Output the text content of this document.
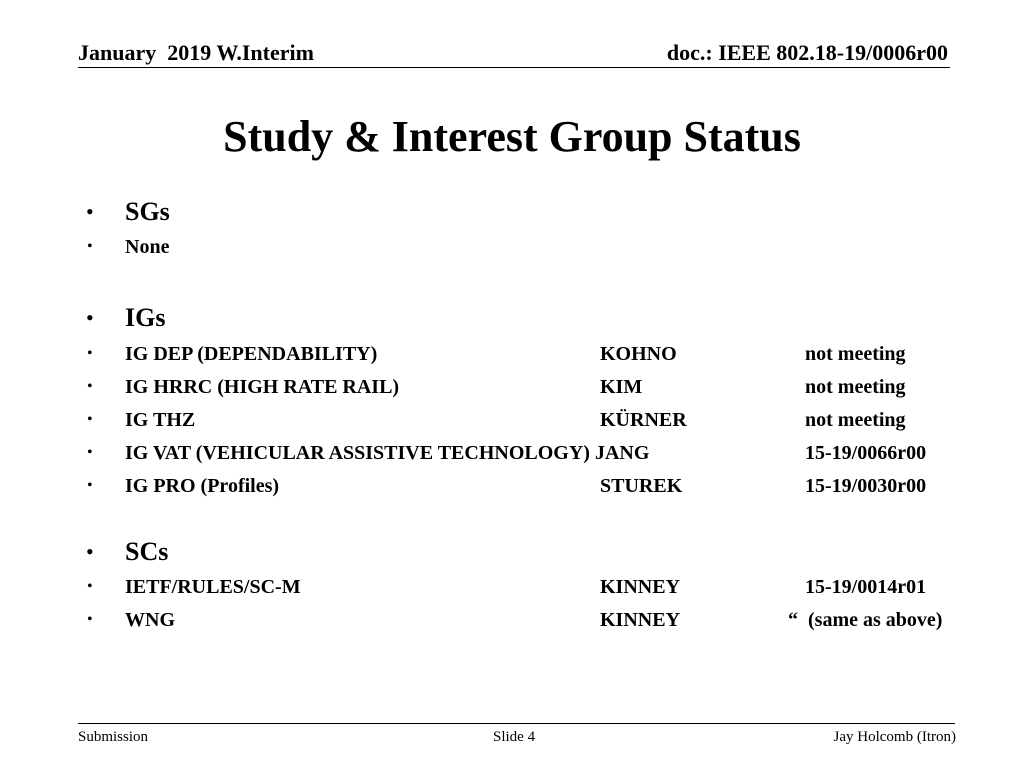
January  2019 W.Interim	doc.: IEEE 802.18-19/0006r00
Study & Interest Group Status
• SGs
• None
• IGs
• IG DEP (DEPENDABILITY)	KOHNO	not meeting
• IG HRRC (HIGH RATE RAIL)	KIM	not meeting
• IG THZ	KÜRNER	not meeting
• IG VAT (VEHICULAR ASSISTIVE TECHNOLOGY) JANG	15-19/0066r00
• IG PRO (Profiles)	STUREK	15-19/0030r00
• SCs
• IETF/RULES/SC-M	KINNEY	15-19/0014r01
• WNG	KINNEY	“  (same as above)
Submission	Slide 4	Jay Holcomb (Itron)
